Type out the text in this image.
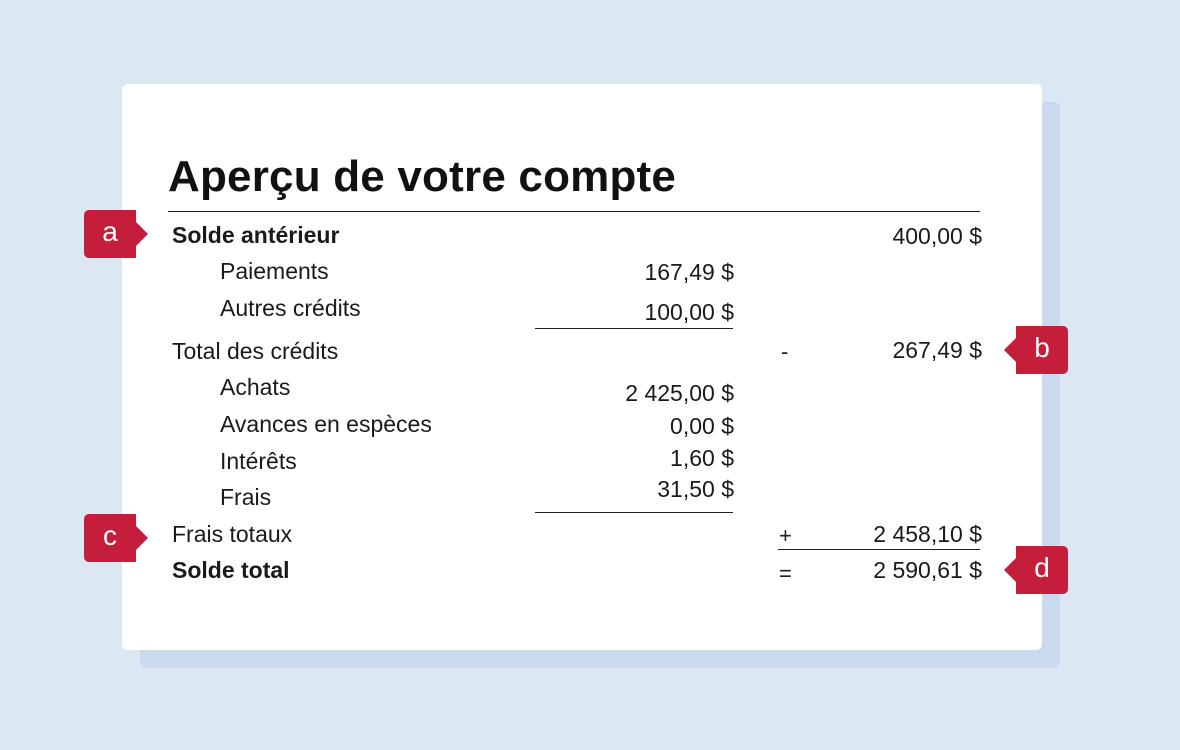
Aperçu de votre compte
a
b
c
d
Solde antérieur	400,00 $
Paiements	167,49 $
Autres crédits	100,00 $
Total des crédits	-	267,49 $
Achats	2 425,00 $
Avances en espèces	0,00 $
Intérêts	1,60 $
Frais	31,50 $
Frais totaux	+	2 458,10 $
Solde total	=	2 590,61 $
